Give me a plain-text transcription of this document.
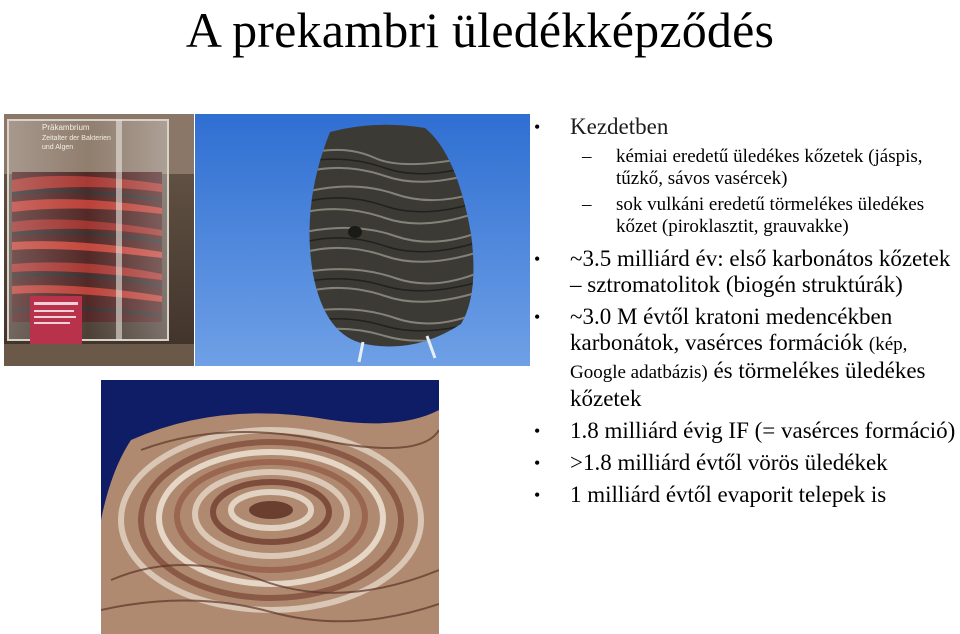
A prekambri üledékképződés
Präkambrium
Zeitalter der Bakterien
und Algen
•	Kezdetben
– kémiai eredetű üledékes kőzetek (jáspis, tűzkő, sávos vasércek)
– sok vulkáni eredetű törmelékes üledékes kőzet (piroklasztit, grauvakke)
•	~3.5 milliárd év: első karbonátos kőzetek – sztromatolitok (biogén struktúrák)
•	~3.0 M évtől kratoni medencékben karbonátok, vasérces formációk (kép, Google adatbázis) és törmelékes üledékes kőzetek
•	1.8 milliárd évig IF (= vasérces formáció)
•	>1.8 milliárd évtől vörös üledékek
•	1 milliárd évtől evaporit telepek is
